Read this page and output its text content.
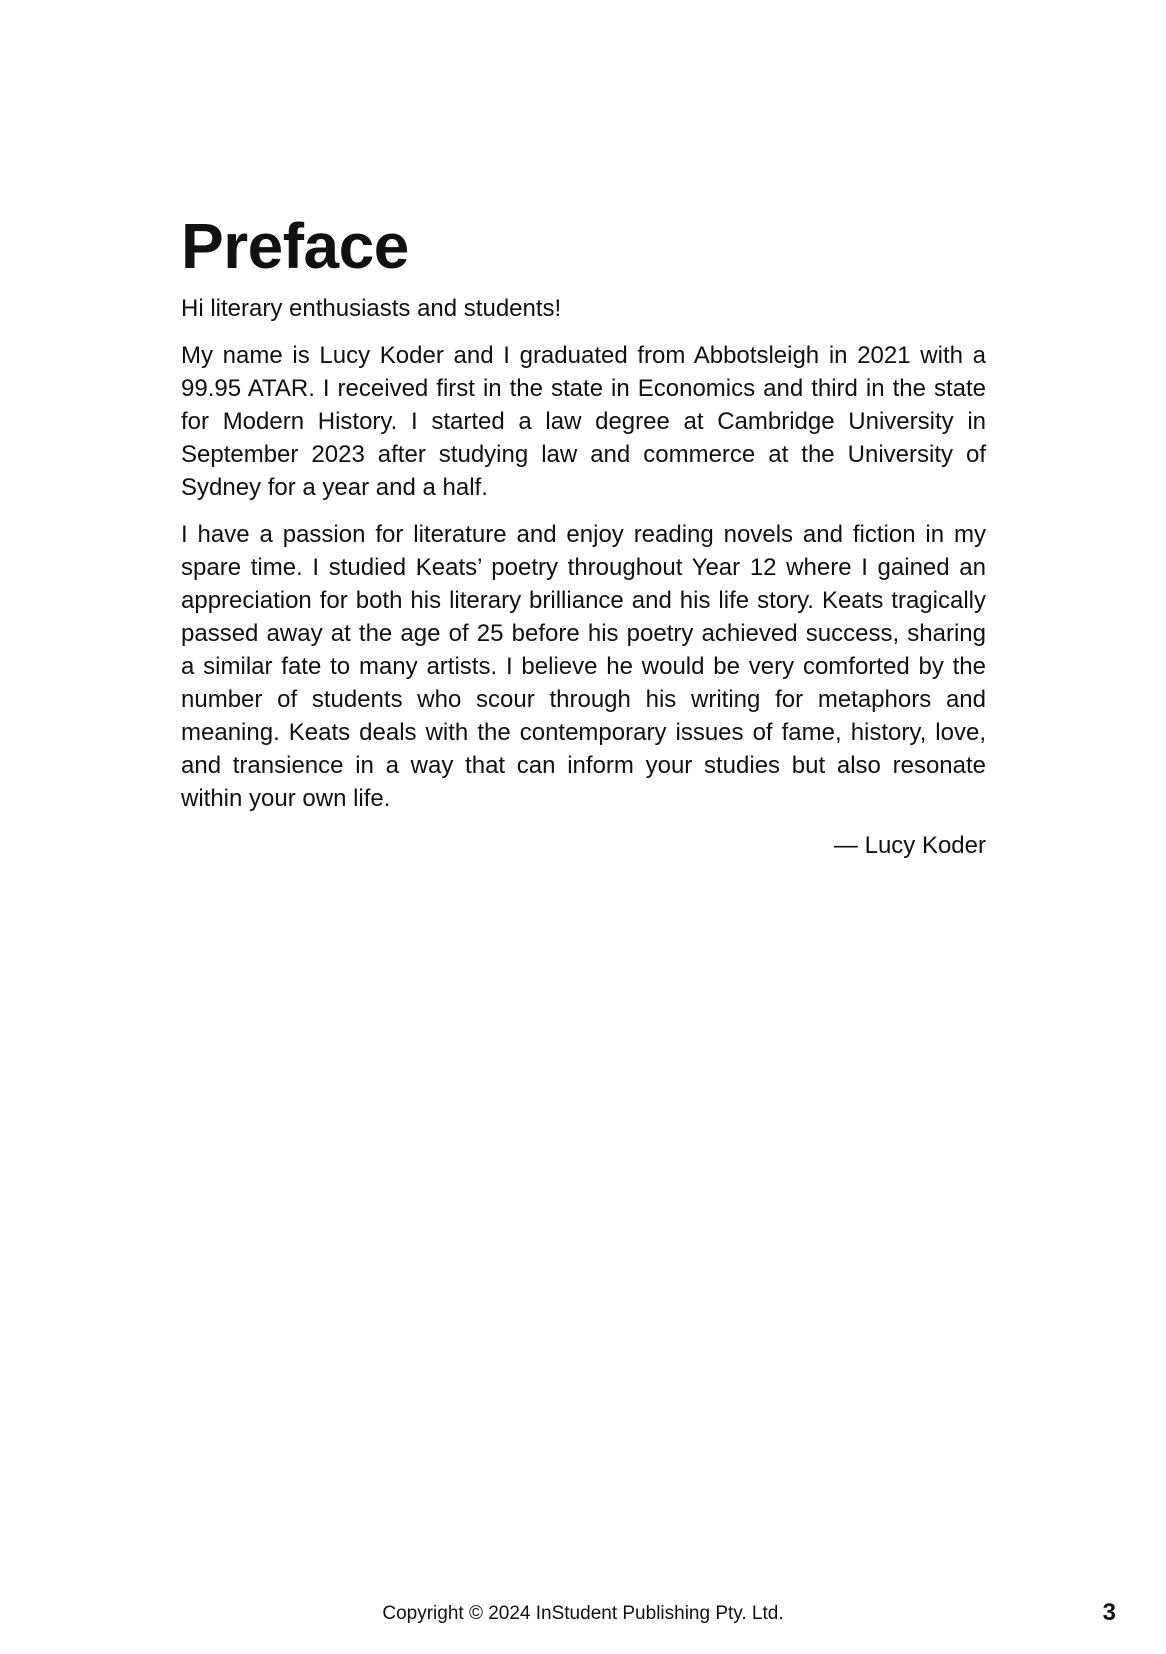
Preface

Hi literary enthusiasts and students!

My name is Lucy Koder and I graduated from Abbotsleigh in 2021 with a 99.95 ATAR. I received first in the state in Economics and third in the state for Modern History. I started a law degree at Cambridge University in September 2023 after studying law and commerce at the University of Sydney for a year and a half.

I have a passion for literature and enjoy reading novels and fiction in my spare time. I studied Keats’ poetry throughout Year 12 where I gained an appreciation for both his literary brilliance and his life story. Keats tragically passed away at the age of 25 before his poetry achieved success, sharing a similar fate to many artists. I believe he would be very comforted by the number of students who scour through his writing for metaphors and meaning. Keats deals with the contemporary issues of fame, history, love, and transience in a way that can inform your studies but also resonate within your own life.

— Lucy Koder

Copyright © 2024 InStudent Publishing Pty. Ltd.	3
